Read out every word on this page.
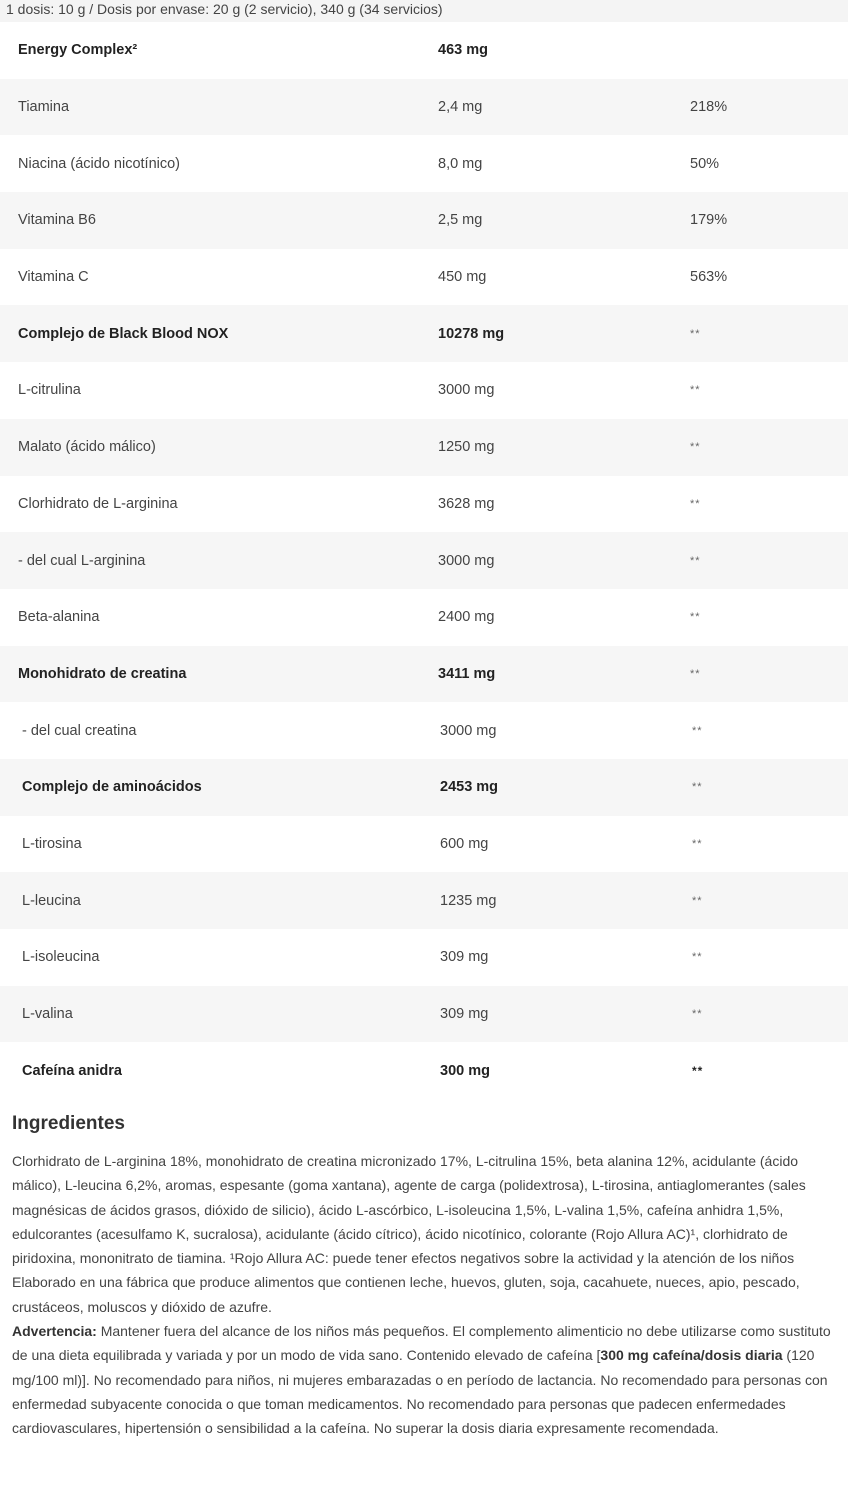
1 dosis: 10 g / Dosis por envase: 20 g (2 servicio), 340 g (34 servicios)
Energy Complex²	463 mg
Tiamina	2,4 mg	218%
Niacina (ácido nicotínico)	8,0 mg	50%
Vitamina B6	2,5 mg	179%
Vitamina C	450 mg	563%
Complejo de Black Blood NOX	10278 mg	**
L-citrulina	3000 mg	**
Malato (ácido málico)	1250 mg	**
Clorhidrato de L-arginina	3628 mg	**
- del cual L-arginina	3000 mg	**
Beta-alanina	2400 mg	**
Monohidrato de creatina	3411 mg	**
- del cual creatina	3000 mg	**
Complejo de aminoácidos	2453 mg	**
L-tirosina	600 mg	**
L-leucina	1235 mg	**
L-isoleucina	309 mg	**
L-valina	309 mg	**
Cafeína anidra	300 mg	**
Ingredientes
Clorhidrato de L-arginina 18%, monohidrato de creatina micronizado 17%, L-citrulina 15%, beta alanina 12%, acidulante (ácido málico), L-leucina 6,2%, aromas, espesante (goma xantana), agente de carga (polidextrosa), L-tirosina, antiaglomerantes (sales magnésicas de ácidos grasos, dióxido de silicio), ácido L-ascórbico, L-isoleucina 1,5%, L-valina 1,5%, cafeína anhidra 1,5%, edulcorantes (acesulfamo K, sucralosa), acidulante (ácido cítrico), ácido nicotínico, colorante (Rojo Allura AC)¹, clorhidrato de piridoxina, mononitrato de tiamina. ¹Rojo Allura AC: puede tener efectos negativos sobre la actividad y la atención de los niños
Elaborado en una fábrica que produce alimentos que contienen leche, huevos, gluten, soja, cacahuete, nueces, apio, pescado, crustáceos, moluscos y dióxido de azufre.
Advertencia: Mantener fuera del alcance de los niños más pequeños. El complemento alimenticio no debe utilizarse como sustituto de una dieta equilibrada y variada y por un modo de vida sano. Contenido elevado de cafeína [300 mg cafeína/dosis diaria (120 mg/100 ml)]. No recomendado para niños, ni mujeres embarazadas o en período de lactancia. No recomendado para personas con enfermedad subyacente conocida o que toman medicamentos. No recomendado para personas que padecen enfermedades cardiovasculares, hipertensión o sensibilidad a la cafeína. No superar la dosis diaria expresamente recomendada.
